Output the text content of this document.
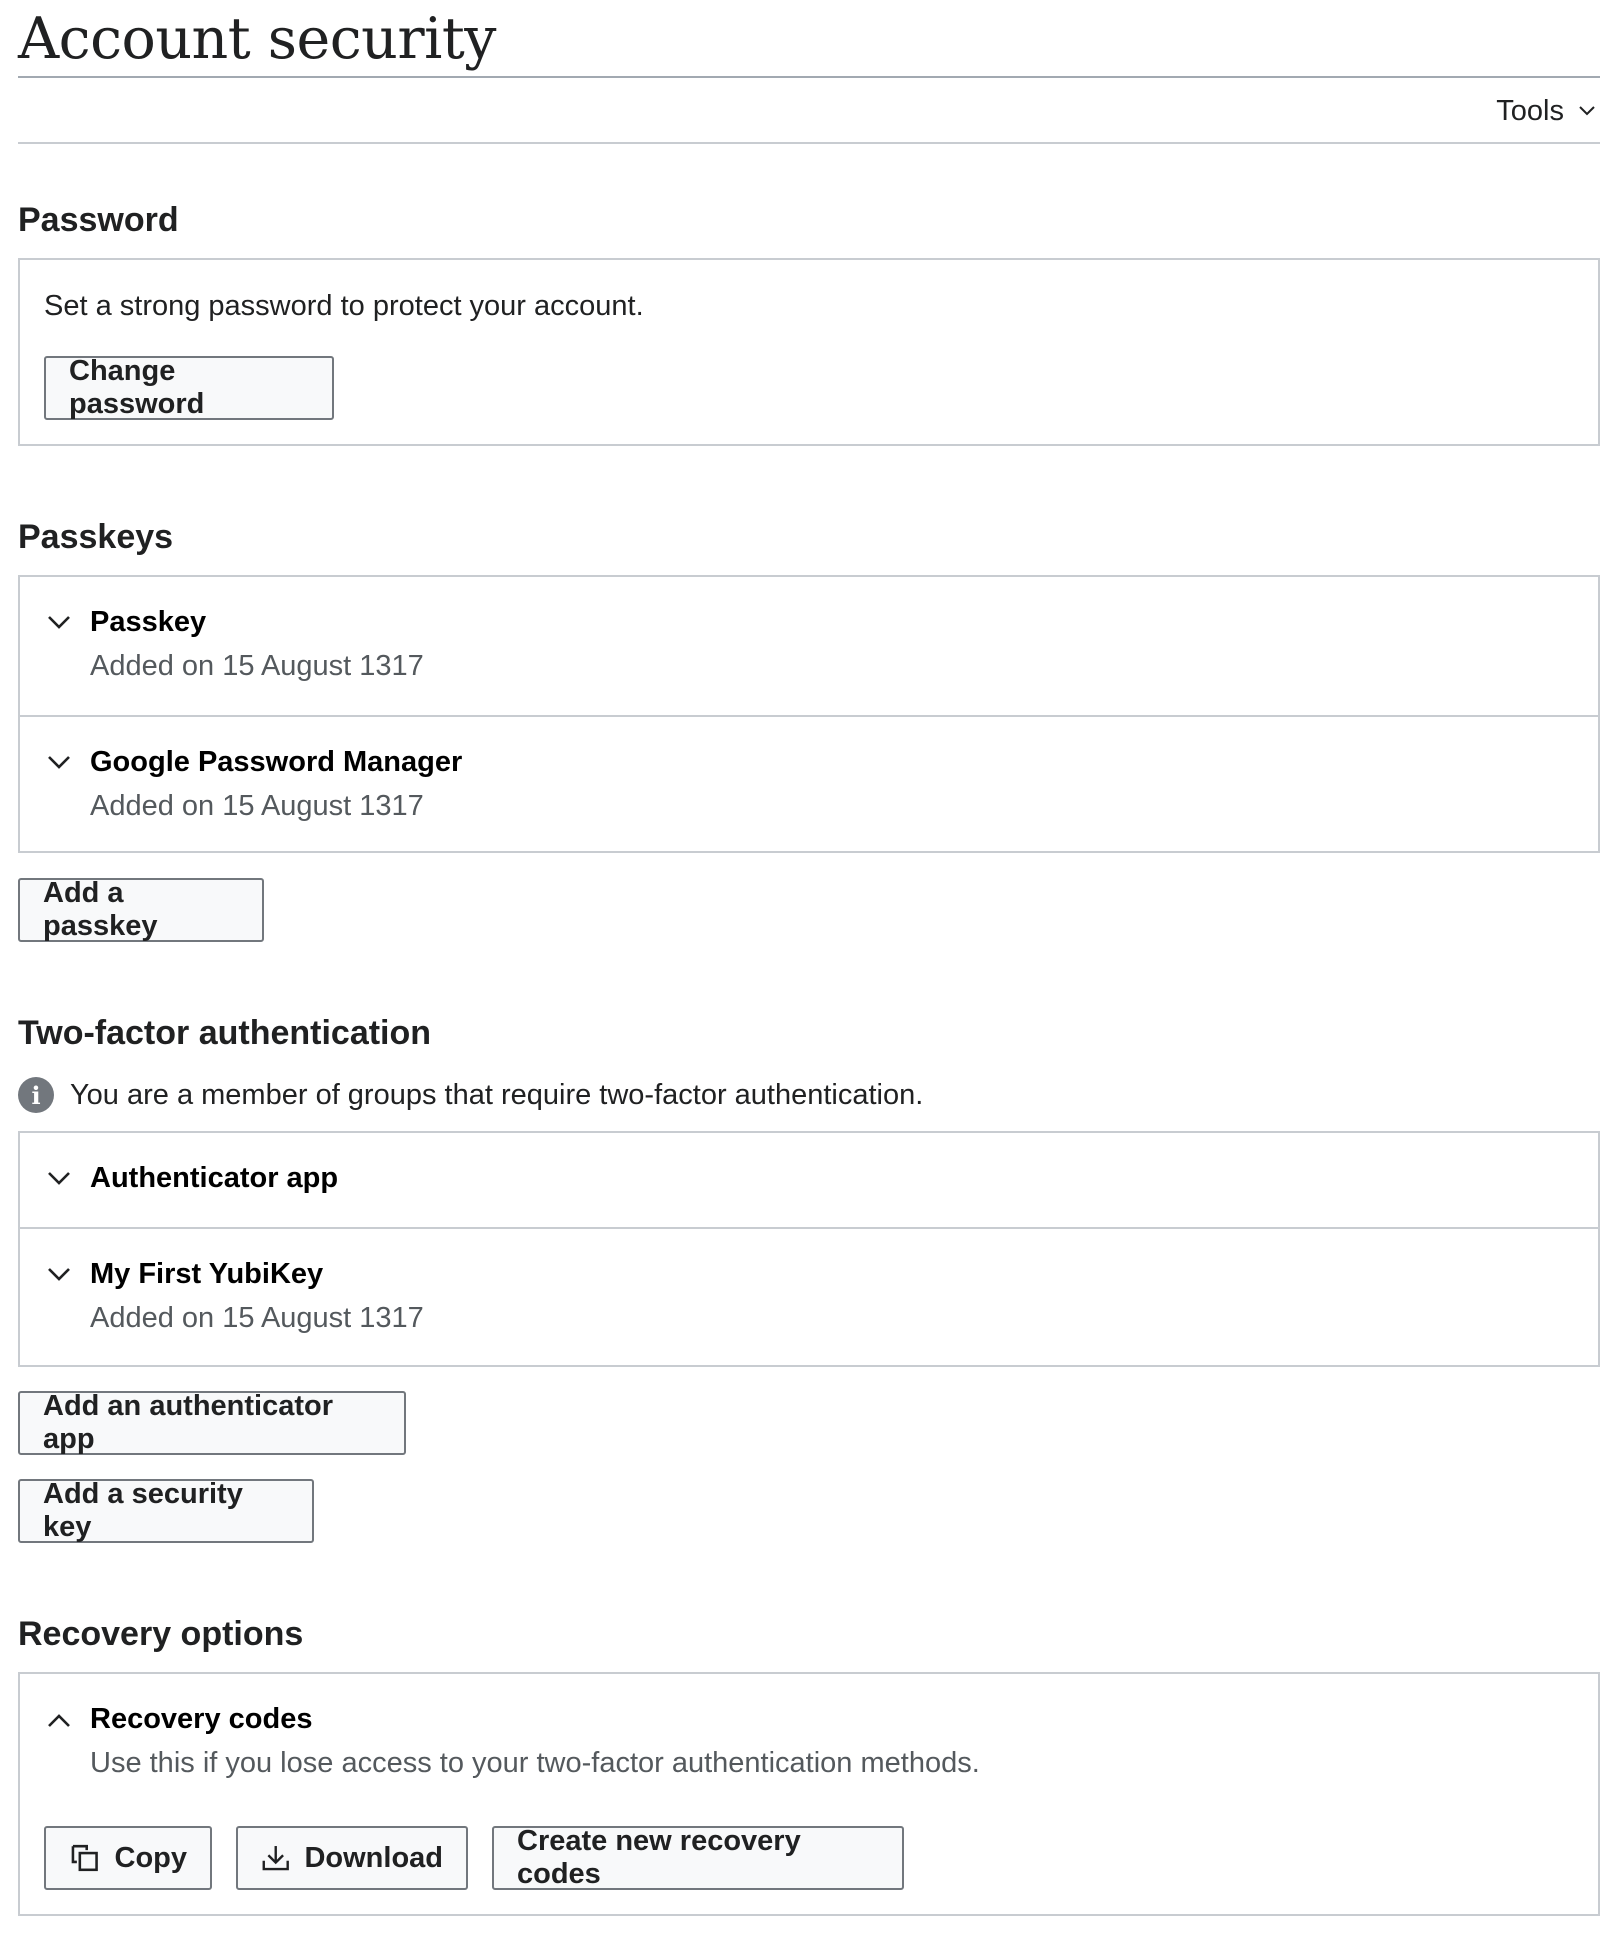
Account security
Tools
Password
Set a strong password to protect your account.
Change password
Passkeys
Passkey
Added on 15 August 1317
Google Password Manager
Added on 15 August 1317
Add a passkey
Two-factor authentication
i	You are a member of groups that require two-factor authentication.
Authenticator app
My First YubiKey
Added on 15 August 1317
Add an authenticator app
Add a security key
Recovery options
Recovery codes
Use this if you lose access to your two-factor authentication methods.
Copy	Download
Create new recovery codes
